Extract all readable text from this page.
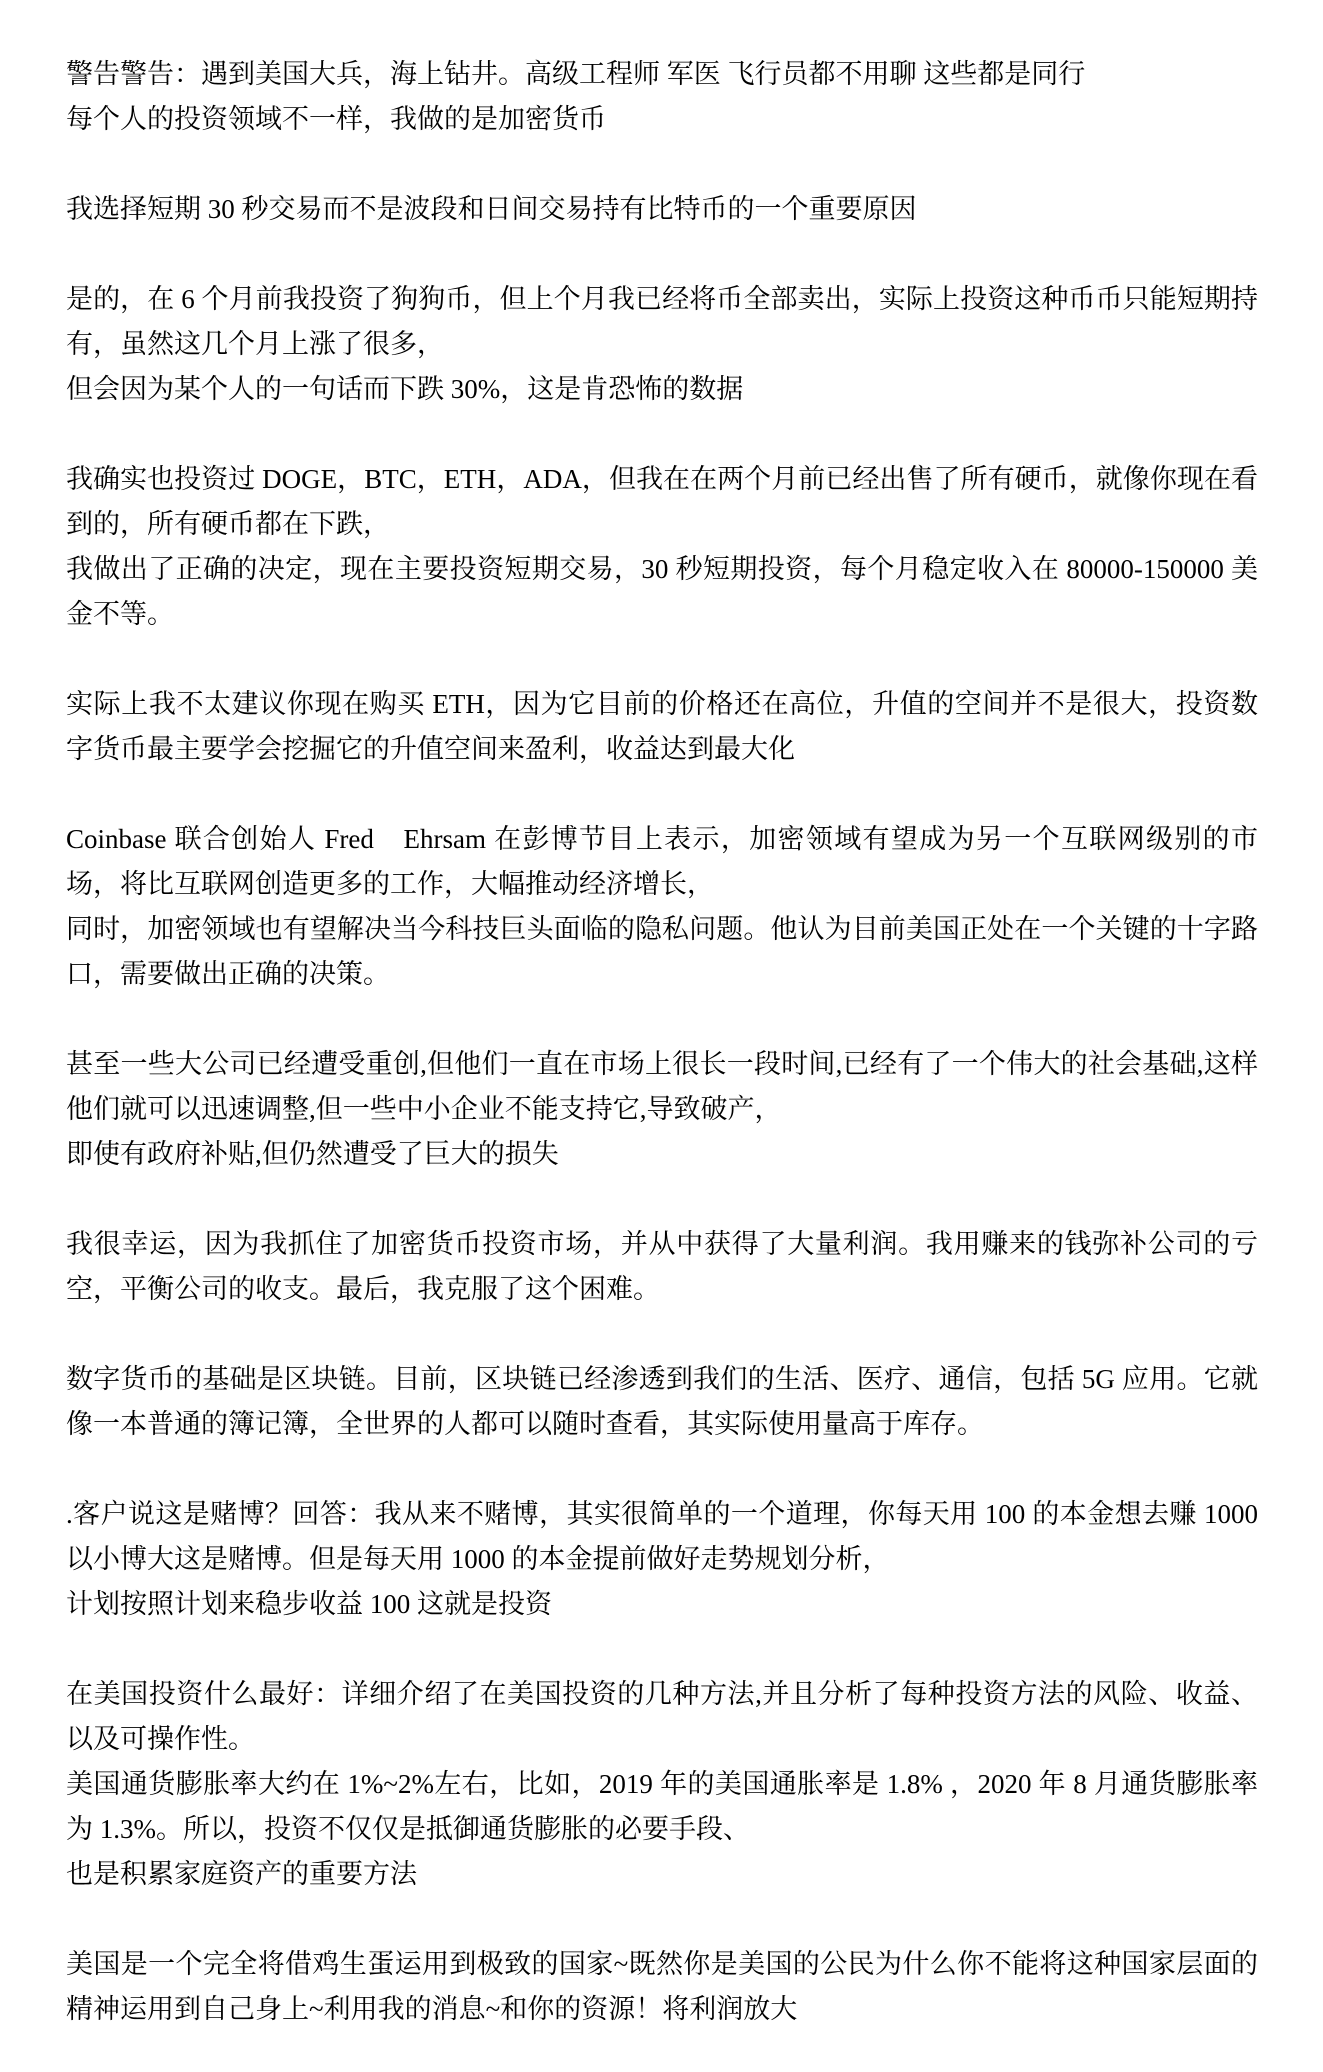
警告警告：遇到美国大兵，海上钻井。高级工程师 军医 飞行员都不用聊 这些都是同行
每个人的投资领域不一样，我做的是加密货币
我选择短期 30 秒交易而不是波段和日间交易持有比特币的一个重要原因
是的，在 6 个月前我投资了狗狗币，但上个月我已经将币全部卖出，实际上投资这种币币只能短期持有，虽然这几个月上涨了很多，
但会因为某个人的一句话而下跌 30%，这是肯恐怖的数据
我确实也投资过 DOGE，BTC，ETH，ADA，但我在在两个月前已经出售了所有硬币，就像你现在看到的，所有硬币都在下跌，
我做出了正确的决定，现在主要投资短期交易，30 秒短期投资，每个月稳定收入在 80000-150000 美金不等。
实际上我不太建议你现在购买 ETH，因为它目前的价格还在高位，升值的空间并不是很大，投资数字货币最主要学会挖掘它的升值空间来盈利，收益达到最大化
Coinbase 联合创始人 Fred　Ehrsam 在彭博节目上表示，加密领域有望成为另一个互联网级别的市场，将比互联网创造更多的工作，大幅推动经济增长，
同时，加密领域也有望解决当今科技巨头面临的隐私问题。他认为目前美国正处在一个关键的十字路口，需要做出正确的决策。
甚至一些大公司已经遭受重创,但他们一直在市场上很长一段时间,已经有了一个伟大的社会基础,这样他们就可以迅速调整,但一些中小企业不能支持它,导致破产，
即使有政府补贴,但仍然遭受了巨大的损失
我很幸运，因为我抓住了加密货币投资市场，并从中获得了大量利润。我用赚来的钱弥补公司的亏空，平衡公司的收支。最后，我克服了这个困难。
数字货币的基础是区块链。目前，区块链已经渗透到我们的生活、医疗、通信，包括 5G 应用。它就像一本普通的簿记簿，全世界的人都可以随时查看，其实际使用量高于库存。
.客户说这是赌博？回答：我从来不赌博，其实很简单的一个道理，你每天用 100 的本金想去赚 1000 以小博大这是赌博。但是每天用 1000 的本金提前做好走势规划分析，
计划按照计划来稳步收益 100 这就是投资
在美国投资什么最好：详细介绍了在美国投资的几种方法,并且分析了每种投资方法的风险、收益、以及可操作性。
美国通货膨胀率大约在 1%~2%左右，比如，2019 年的美国通胀率是 1.8% ，2020 年 8 月通货膨胀率为 1.3%。所以，投资不仅仅是抵御通货膨胀的必要手段、
也是积累家庭资产的重要方法
美国是一个完全将借鸡生蛋运用到极致的国家~既然你是美国的公民为什么你不能将这种国家层面的精神运用到自己身上~利用我的消息~和你的资源！将利润放大
